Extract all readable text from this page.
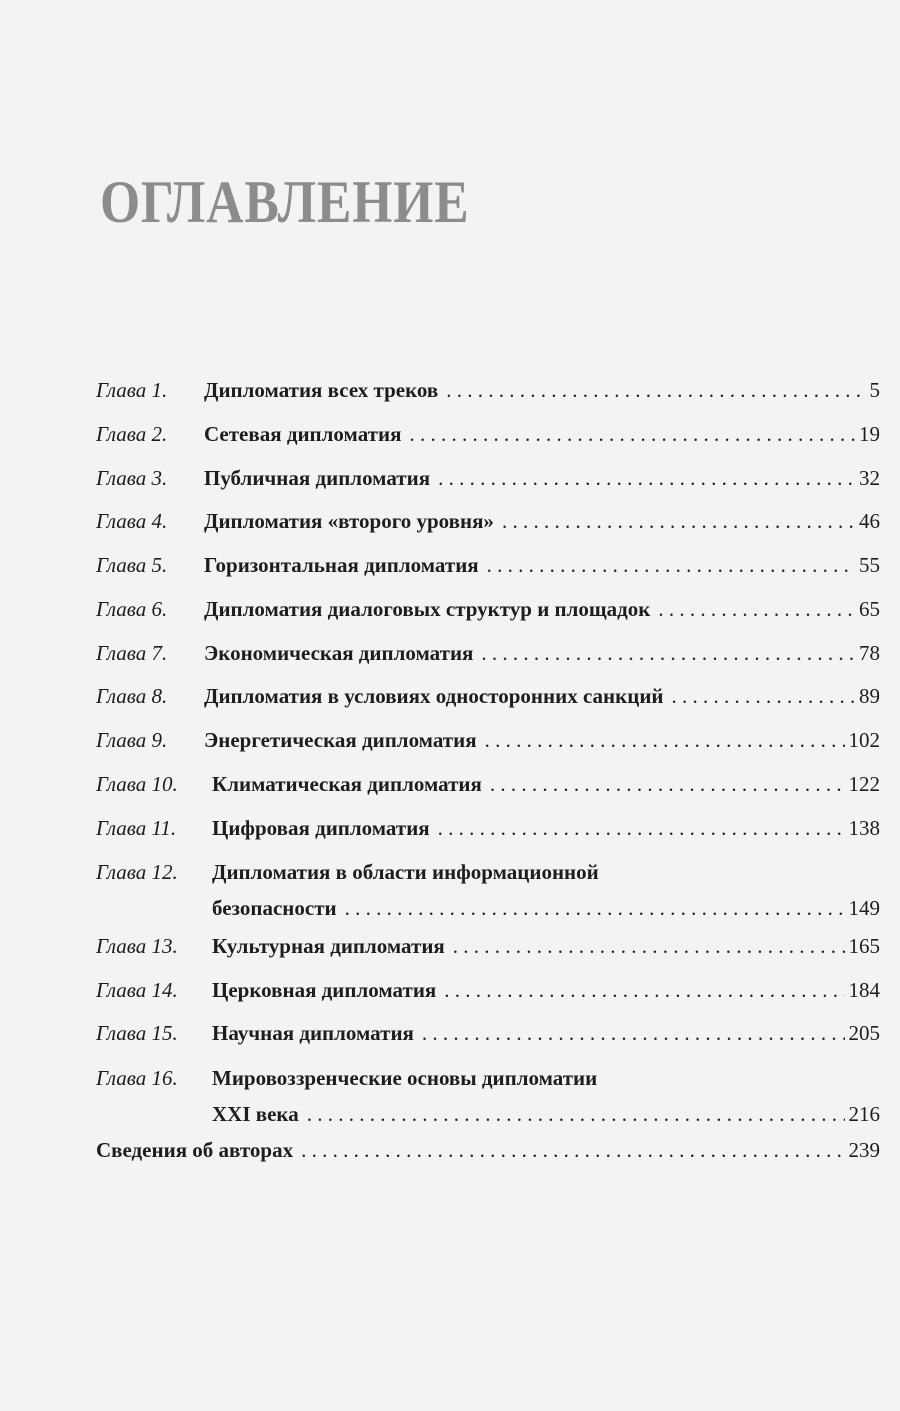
ОГЛАВЛЕНИЕ
Глава 1. Дипломатия всех треков . . .	5
Глава 2. Сетевая дипломатия . . .	19
Глава 3. Публичная дипломатия . . .	32
Глава 4. Дипломатия «второго уровня» . . .	46
Глава 5. Горизонтальная дипломатия . . .	55
Глава 6. Дипломатия диалоговых структур и площадок . . .	65
Глава 7. Экономическая дипломатия . . .	78
Глава 8. Дипломатия в условиях односторонних санкций . . .	89
Глава 9. Энергетическая дипломатия . . .	102
Глава 10. Климатическая дипломатия . . .	122
Глава 11. Цифровая дипломатия . . .	138
Глава 12. Дипломатия в области информационной
безопасности . . .	149
Глава 13. Культурная дипломатия . . .	165
Глава 14. Церковная дипломатия . . .	184
Глава 15. Научная дипломатия . . .	205
Глава 16. Мировоззренческие основы дипломатии
XXI века . . .	216
Сведения об авторах . . .	239
